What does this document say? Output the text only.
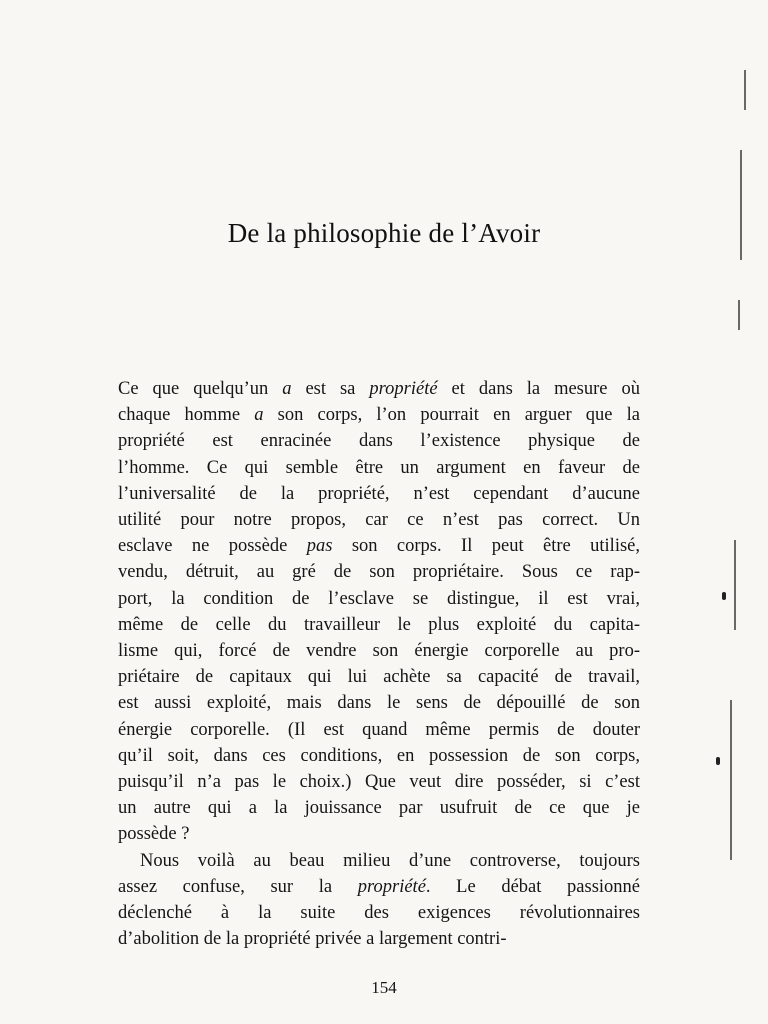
De la philosophie de l’Avoir
Ce que quelqu’un a est sa propriété et dans la mesure où
chaque homme a son corps, l’on pourrait en arguer que la
propriété est enracinée dans l’existence physique de
l’homme. Ce qui semble être un argument en faveur de
l’universalité de la propriété, n’est cependant d’aucune
utilité pour notre propos, car ce n’est pas correct. Un
esclave ne possède pas son corps. Il peut être utilisé,
vendu, détruit, au gré de son propriétaire. Sous ce rap-
port, la condition de l’esclave se distingue, il est vrai,
même de celle du travailleur le plus exploité du capita-
lisme qui, forcé de vendre son énergie corporelle au pro-
priétaire de capitaux qui lui achète sa capacité de travail,
est aussi exploité, mais dans le sens de dépouillé de son
énergie corporelle. (Il est quand même permis de douter
qu’il soit, dans ces conditions, en possession de son corps,
puisqu’il n’a pas le choix.) Que veut dire posséder, si c’est
un autre qui a la jouissance par usufruit de ce que je
possède ?
Nous voilà au beau milieu d’une controverse, toujours
assez confuse, sur la propriété. Le débat passionné
déclenché à la suite des exigences révolutionnaires
d’abolition de la propriété privée a largement contri-
154
